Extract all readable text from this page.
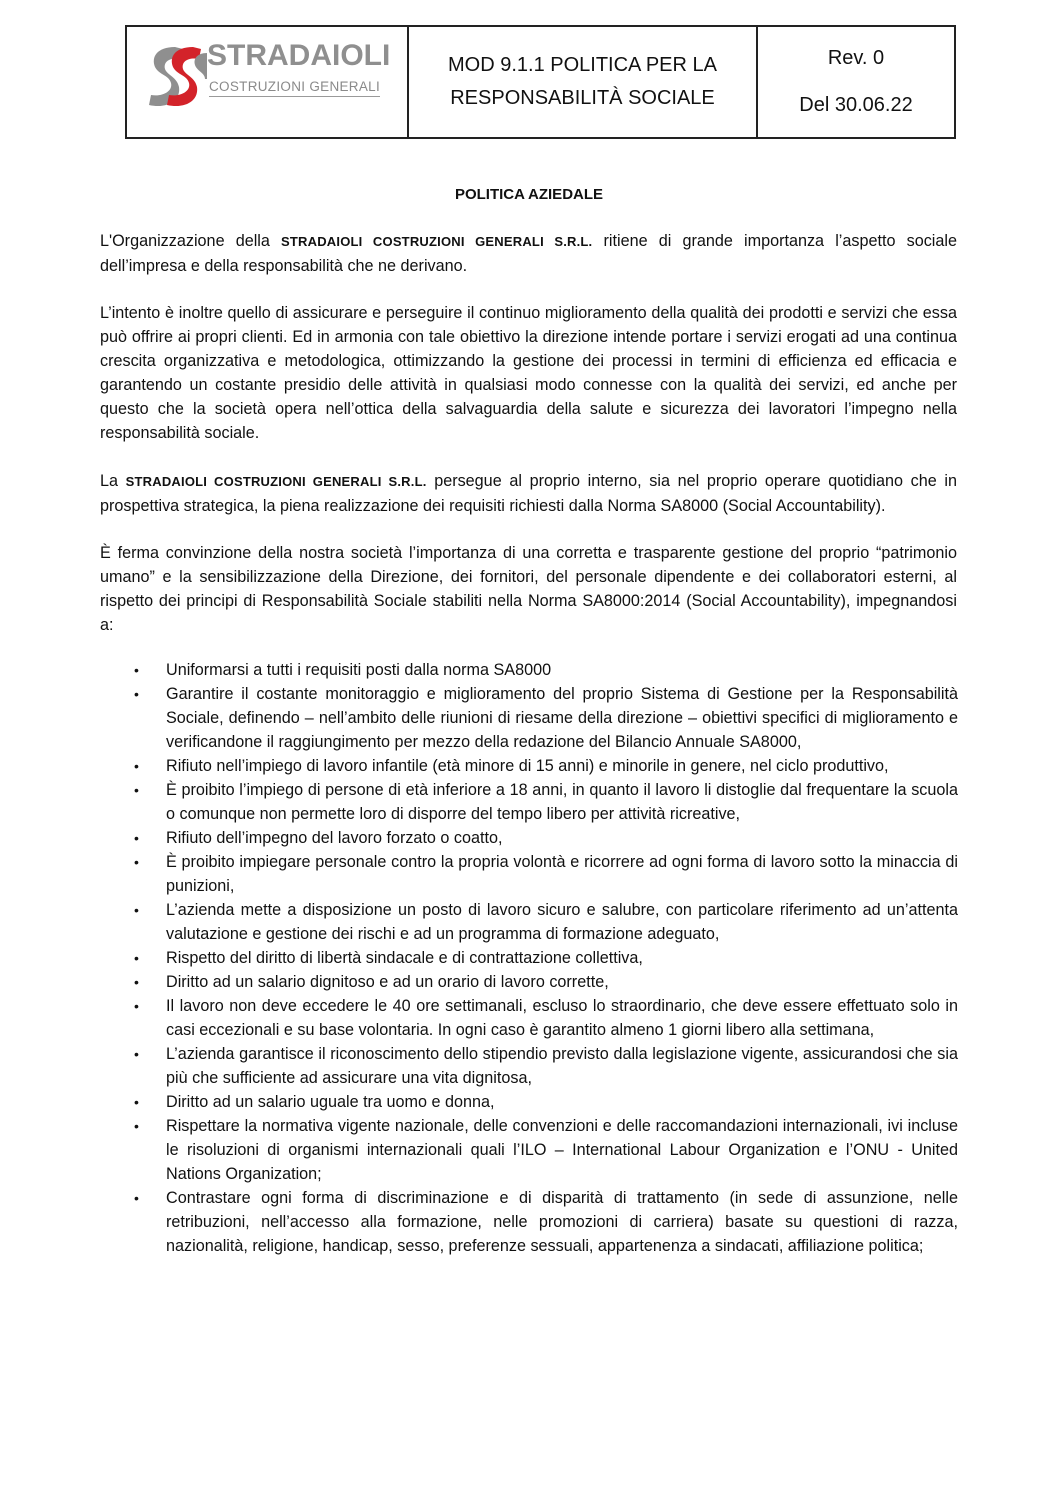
STRADAIOLI
COSTRUZIONI GENERALI
MOD 9.1.1 POLITICA PER LA
RESPONSABILITÀ SOCIALE
Rev. 0
Del 30.06.22
POLITICA AZIEDALE
L'Organizzazione della STRADAIOLI COSTRUZIONI GENERALI S.R.L. ritiene di grande importanza l’aspetto sociale dell’impresa e della responsabilità che ne derivano.
L’intento è inoltre quello di assicurare e perseguire il continuo miglioramento della qualità dei prodotti e servizi che essa può offrire ai propri clienti. Ed in armonia con tale obiettivo la direzione intende portare i servizi erogati ad una continua crescita organizzativa e metodologica, ottimizzando la gestione dei processi in termini di efficienza ed efficacia e garantendo un costante presidio delle attività in qualsiasi modo connesse con la qualità dei servizi, ed anche per questo che la società opera nell’ottica della salvaguardia della salute e sicurezza dei lavoratori l’impegno nella responsabilità sociale.
La STRADAIOLI COSTRUZIONI GENERALI S.R.L. persegue al proprio interno, sia nel proprio operare quotidiano che in prospettiva strategica, la piena realizzazione dei requisiti richiesti dalla Norma SA8000 (Social Accountability).
È ferma convinzione della nostra società l’importanza di una corretta e trasparente gestione del proprio “patrimonio umano” e la sensibilizzazione della Direzione, dei fornitori, del personale dipendente e dei collaboratori esterni, al rispetto dei principi di Responsabilità Sociale stabiliti nella Norma SA8000:2014 (Social Accountability), impegnandosi a:
• Uniformarsi a tutti i requisiti posti dalla norma SA8000
• Garantire il costante monitoraggio e miglioramento del proprio Sistema di Gestione per la Responsabilità Sociale, definendo – nell’ambito delle riunioni di riesame della direzione – obiettivi specifici di miglioramento e verificandone il raggiungimento per mezzo della redazione del Bilancio Annuale SA8000,
• Rifiuto nell’impiego di lavoro infantile (età minore di 15 anni) e minorile in genere, nel ciclo produttivo,
• È proibito l’impiego di persone di età inferiore a 18 anni, in quanto il lavoro li distoglie dal frequentare la scuola o comunque non permette loro di disporre del tempo libero per attività ricreative,
• Rifiuto dell’impegno del lavoro forzato o coatto,
• È proibito impiegare personale contro la propria volontà e ricorrere ad ogni forma di lavoro sotto la minaccia di punizioni,
• L’azienda mette a disposizione un posto di lavoro sicuro e salubre, con particolare riferimento ad un’attenta valutazione e gestione dei rischi e ad un programma di formazione adeguato,
• Rispetto del diritto di libertà sindacale e di contrattazione collettiva,
• Diritto ad un salario dignitoso e ad un orario di lavoro corrette,
• Il lavoro non deve eccedere le 40 ore settimanali, escluso lo straordinario, che deve essere effettuato solo in casi eccezionali e su base volontaria. In ogni caso è garantito almeno 1 giorni libero alla settimana,
• L’azienda garantisce il riconoscimento dello stipendio previsto dalla legislazione vigente, assicurandosi che sia più che sufficiente ad assicurare una vita dignitosa,
• Diritto ad un salario uguale tra uomo e donna,
• Rispettare la normativa vigente nazionale, delle convenzioni e delle raccomandazioni internazionali, ivi incluse le risoluzioni di organismi internazionali quali l’ILO – International Labour Organization e l’ONU - United Nations Organization;
• Contrastare ogni forma di discriminazione e di disparità di trattamento (in sede di assunzione, nelle retribuzioni, nell’accesso alla formazione, nelle promozioni di carriera) basate su questioni di razza, nazionalità, religione, handicap, sesso, preferenze sessuali, appartenenza a sindacati, affiliazione politica;
